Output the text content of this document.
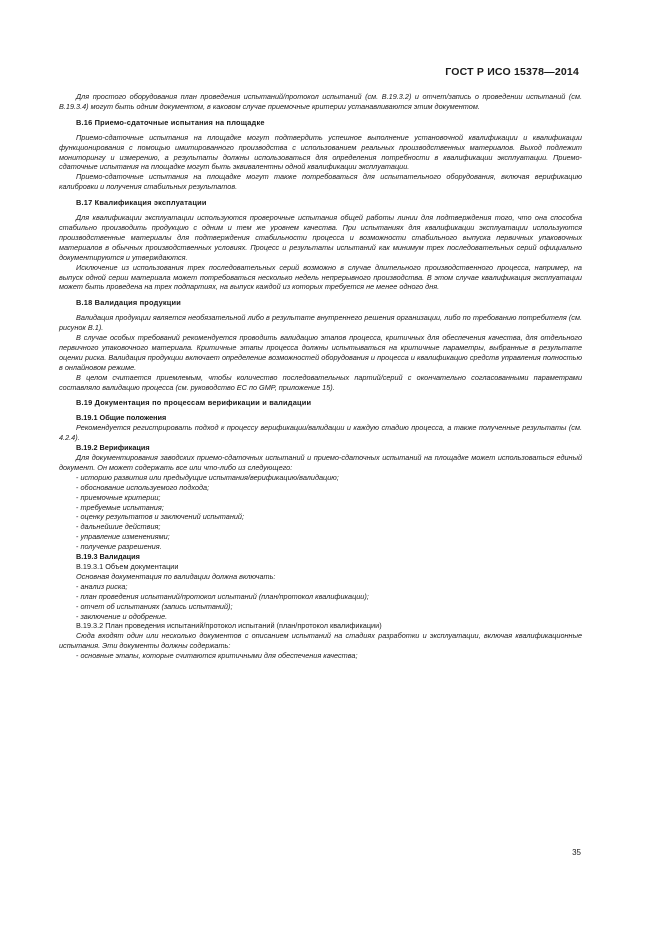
ГОСТ Р ИСО 15378—2014

Для простого оборудования план проведения испытаний/протокол испытаний (см. В.19.3.2) и отчет/запись о проведении испытаний (см. В.19.3.4) могут быть одним документом, в каковом случае приемочные критерии устанавливаются этим документом.

В.16 Приемо-сдаточные испытания на площадке

Приемо-сдаточные испытания на площадке могут подтвердить успешное выполнение установочной квалификации и квалификации функционирования с помощью имитированного производства с использованием реальных производственных материалов. Выход подлежит мониторингу и измерению, а результаты должны использоваться для определения потребности в квалификации эксплуатации. Приемо-сдаточные испытания на площадке могут быть эквивалентны одной квалификации эксплуатации.

Приемо-сдаточные испытания на площадке могут также потребоваться для испытательного оборудования, включая верификацию калибровки и получения стабильных результатов.

В.17 Квалификация эксплуатации

Для квалификации эксплуатации используются проверочные испытания общей работы линии для подтверждения того, что она способна стабильно производить продукцию с одним и тем же уровнем качества. При испытаниях для квалификации эксплуатации используются производственные материалы для подтверждения стабильности процесса и возможности стабильного выпуска первичных упаковочных материалов в обычных производственных условиях. Процесс и результаты испытаний как минимум трех последовательных серий официально документируются и утверждаются.

Исключение из использования трех последовательных серий возможно в случае длительного производственного процесса, например, на выпуск одной серии материала может потребоваться несколько недель непрерывного производства. В этом случае квалификация эксплуатации может быть проведена на трех подпартиях, на выпуск каждой из которых требуется не менее одного дня.

В.18 Валидация продукции

Валидация продукции является необязательной либо в результате внутреннего решения организации, либо по требованию потребителя (см. рисунок В.1).

В случае особых требований рекомендуется проводить валидацию этапов процесса, критичных для обеспечения качества, для отдельного первичного упаковочного материала. Критичные этапы процесса должны испытываться на критичные параметры, выбранные в результате оценки риска. Валидация продукции включает определение возможностей оборудования и процесса и квалификацию средств управления полностью в онлайновом режиме.

В целом считается приемлемым, чтобы количество последовательных партий/серий с окончательно согласованными параметрами составляло валидацию процесса (см. руководство ЕС по GMP, приложение 15).

В.19 Документация по процессам верификации и валидации
В.19.1 Общие положения

Рекомендуется регистрировать подход к процессу верификации/валидации и каждую стадию процесса, а также полученные результаты (см. 4.2.4).

В.19.2 Верификация

Для документирования заводских приемо-сдаточных испытаний и приемо-сдаточных испытаний на площадке может использоваться единый документ. Он может содержать все или что-либо из следующего:

- историю развития или предыдущие испытания/верификацию/валидацию;
- обоснование используемого подхода;
- приемочные критерии;
- требуемые испытания;
- оценку результатов и заключений испытаний;
- дальнейшие действия;
- управление изменениями;
- получение разрешения.
В.19.3 Валидация
В.19.3.1 Объем документации

Основная документация по валидации должна включать:

- анализ риска;
- план проведения испытаний/протокол испытаний (план/протокол квалификации);
- отчет об испытаниях (запись испытаний);
- заключение и одобрение.
В.19.3.2 План проведения испытаний/протокол испытаний (план/протокол квалификации)

Сюда входят один или несколько документов с описанием испытаний на стадиях разработки и эксплуатации, включая квалификационные испытания. Эти документы должны содержать:

- основные этапы, которые считаются критичными для обеспечения качества;
35
